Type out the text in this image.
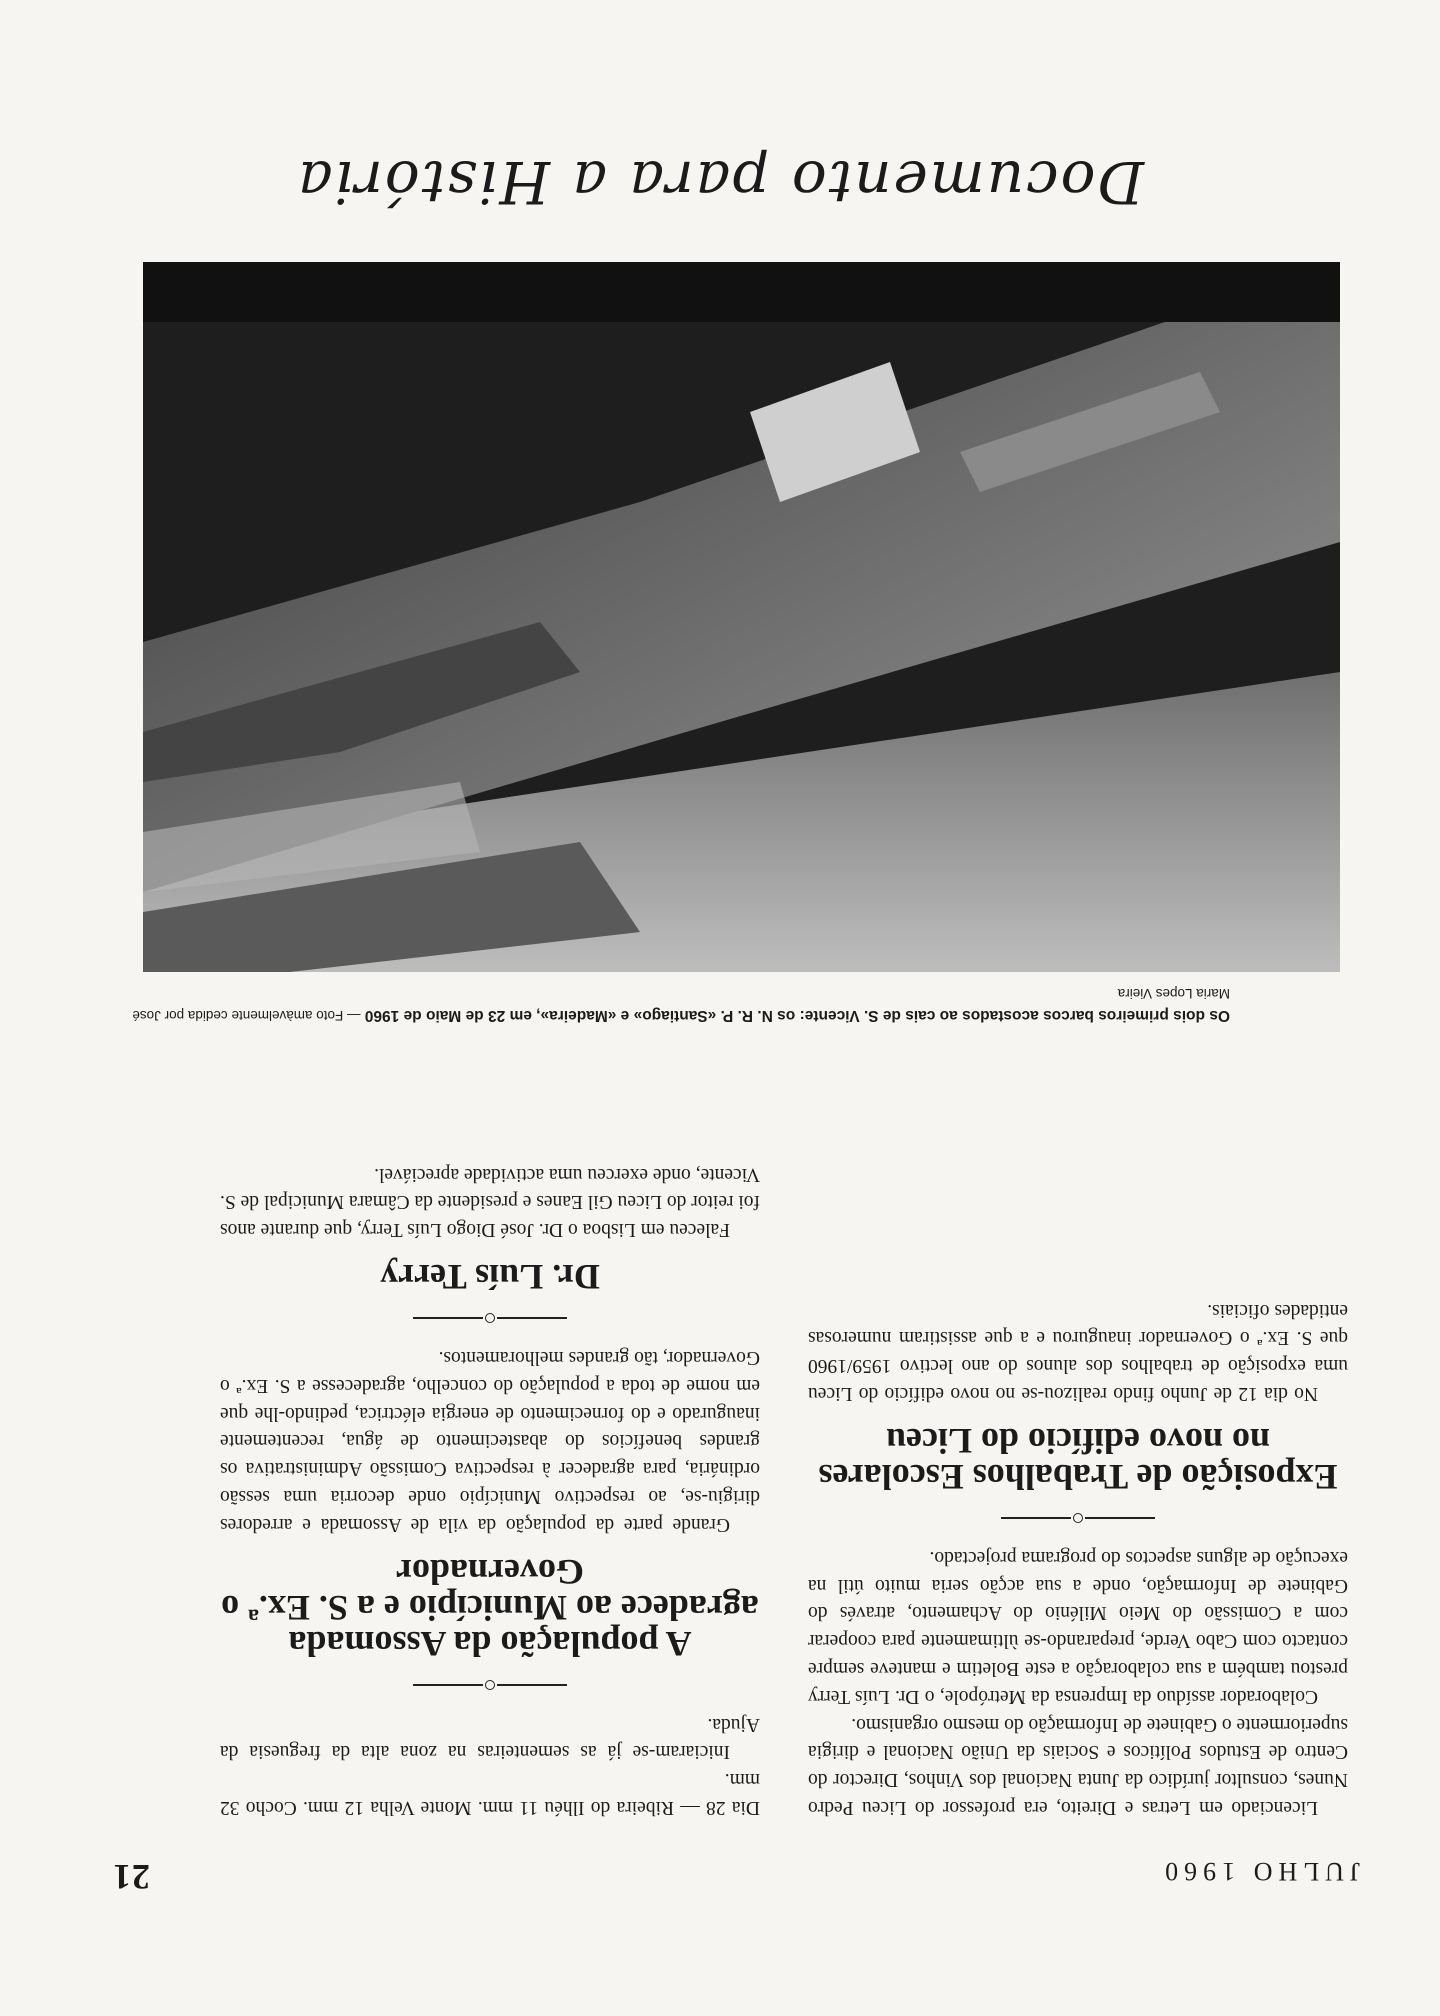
21	JULHO 1960

Dia 28 — Ribeira do Ilhéu 11 mm. Monte Velha 12 mm. Cocho 32 mm.

Iniciaram-se já as sementeiras na zona alta da freguesia da Ajuda.

A população da Assomada agradece ao Município e a S. Ex.ª o Governador

Grande parte da população da vila de Assomada e arredores dirigiu-se, ao respectivo Município onde decorria uma sessão ordinária, para agradecer à respectiva Comissão Administrativa os grandes benefícios do abastecimento de água, recentemente inaugurado e do fornecimento de energia eléctrica, pedindo-lhe que em nome de toda a população do concelho, agradecesse a S. Ex.ª o Governador, tão grandes melhoramentos.

Dr. Luís Terry

Faleceu em Lisboa o Dr. José Diogo Luís Terry, que durante anos foi reitor do Liceu Gil Eanes e presidente da Câmara Municipal de S. Vicente, onde exerceu uma actividade apreciável.

Licenciado em Letras e Direito, era professor do Liceu Pedro Nunes, consultor jurídico da Junta Nacional dos Vinhos, Director do Centro de Estudos Políticos e Sociais da União Nacional e dirigia superiormente o Gabinete de Informação do mesmo organismo.

Colaborador assíduo da Imprensa da Metrópole, o Dr. Luís Terry prestou também a sua colaboração a este Boletim e manteve sempre contacto com Cabo Verde, preparando-se ùltimamente para cooperar com a Comissão do Meio Milénio do Achamento, através do Gabinete de Informação, onde a sua acção seria muito útil na execução de alguns aspectos do programa projectado.

Exposição de Trabalhos Escolares no novo edifício do Liceu

No dia 12 de Junho findo realizou-se no novo edifício do Liceu uma exposição de trabalhos dos alunos do ano lectivo 1959/1960 que S. Ex.ª o Governador inaugurou e a que assistiram numerosas entidades oficiais.

Os dois primeiros barcos acostados ao cais de S. Vicente: os N. R. P. «Santiago» e «Madeira», em 23 de Maio de 1960 — Foto amàvelmente cedida por José Maria Lopes Vieira
Documento para a História
